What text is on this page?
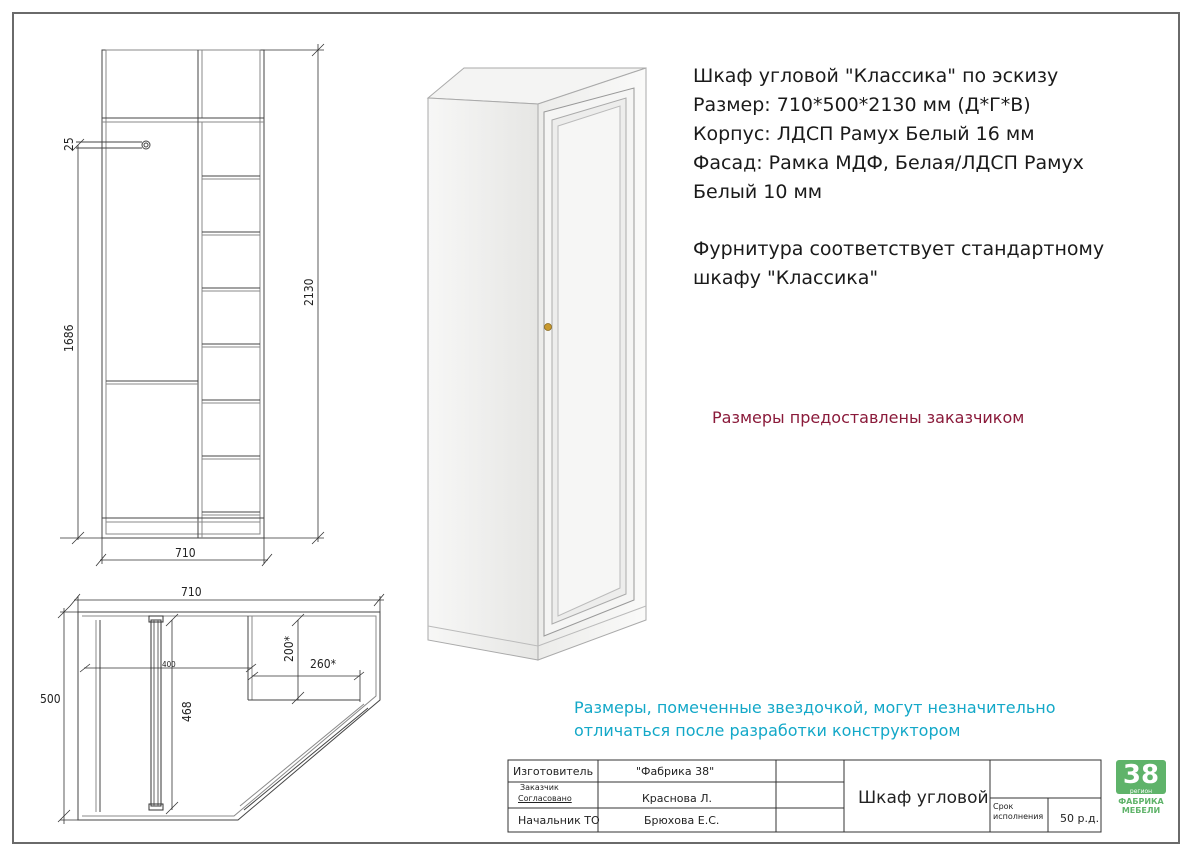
710
2130
1686
25
710
500
400
468
200*
260*
Шкаф угловой "Классика" по эскизу
Размер: 710*500*2130 мм (Д*Г*В)
Корпус: ЛДСП Рамух Белый 16 мм
Фасад: Рамка МДФ, Белая/ЛДСП Рамух
Белый 10 мм
Фурнитура соответствует стандартному
шкафу "Классика"
Размеры предоставлены заказчиком
Размеры, помеченные звездочкой, могут незначительно
отличаться после разработки конструктором
Изготовитель	"Фабрика 38"
Заказчик
Согласовано	Краснова Л.
Начальник ТО	Брюхова Е.С.
Шкаф угловой Срок
исполнения 50 р.д.
38
регион
ФАБРИКА
МЕБЕЛИ
